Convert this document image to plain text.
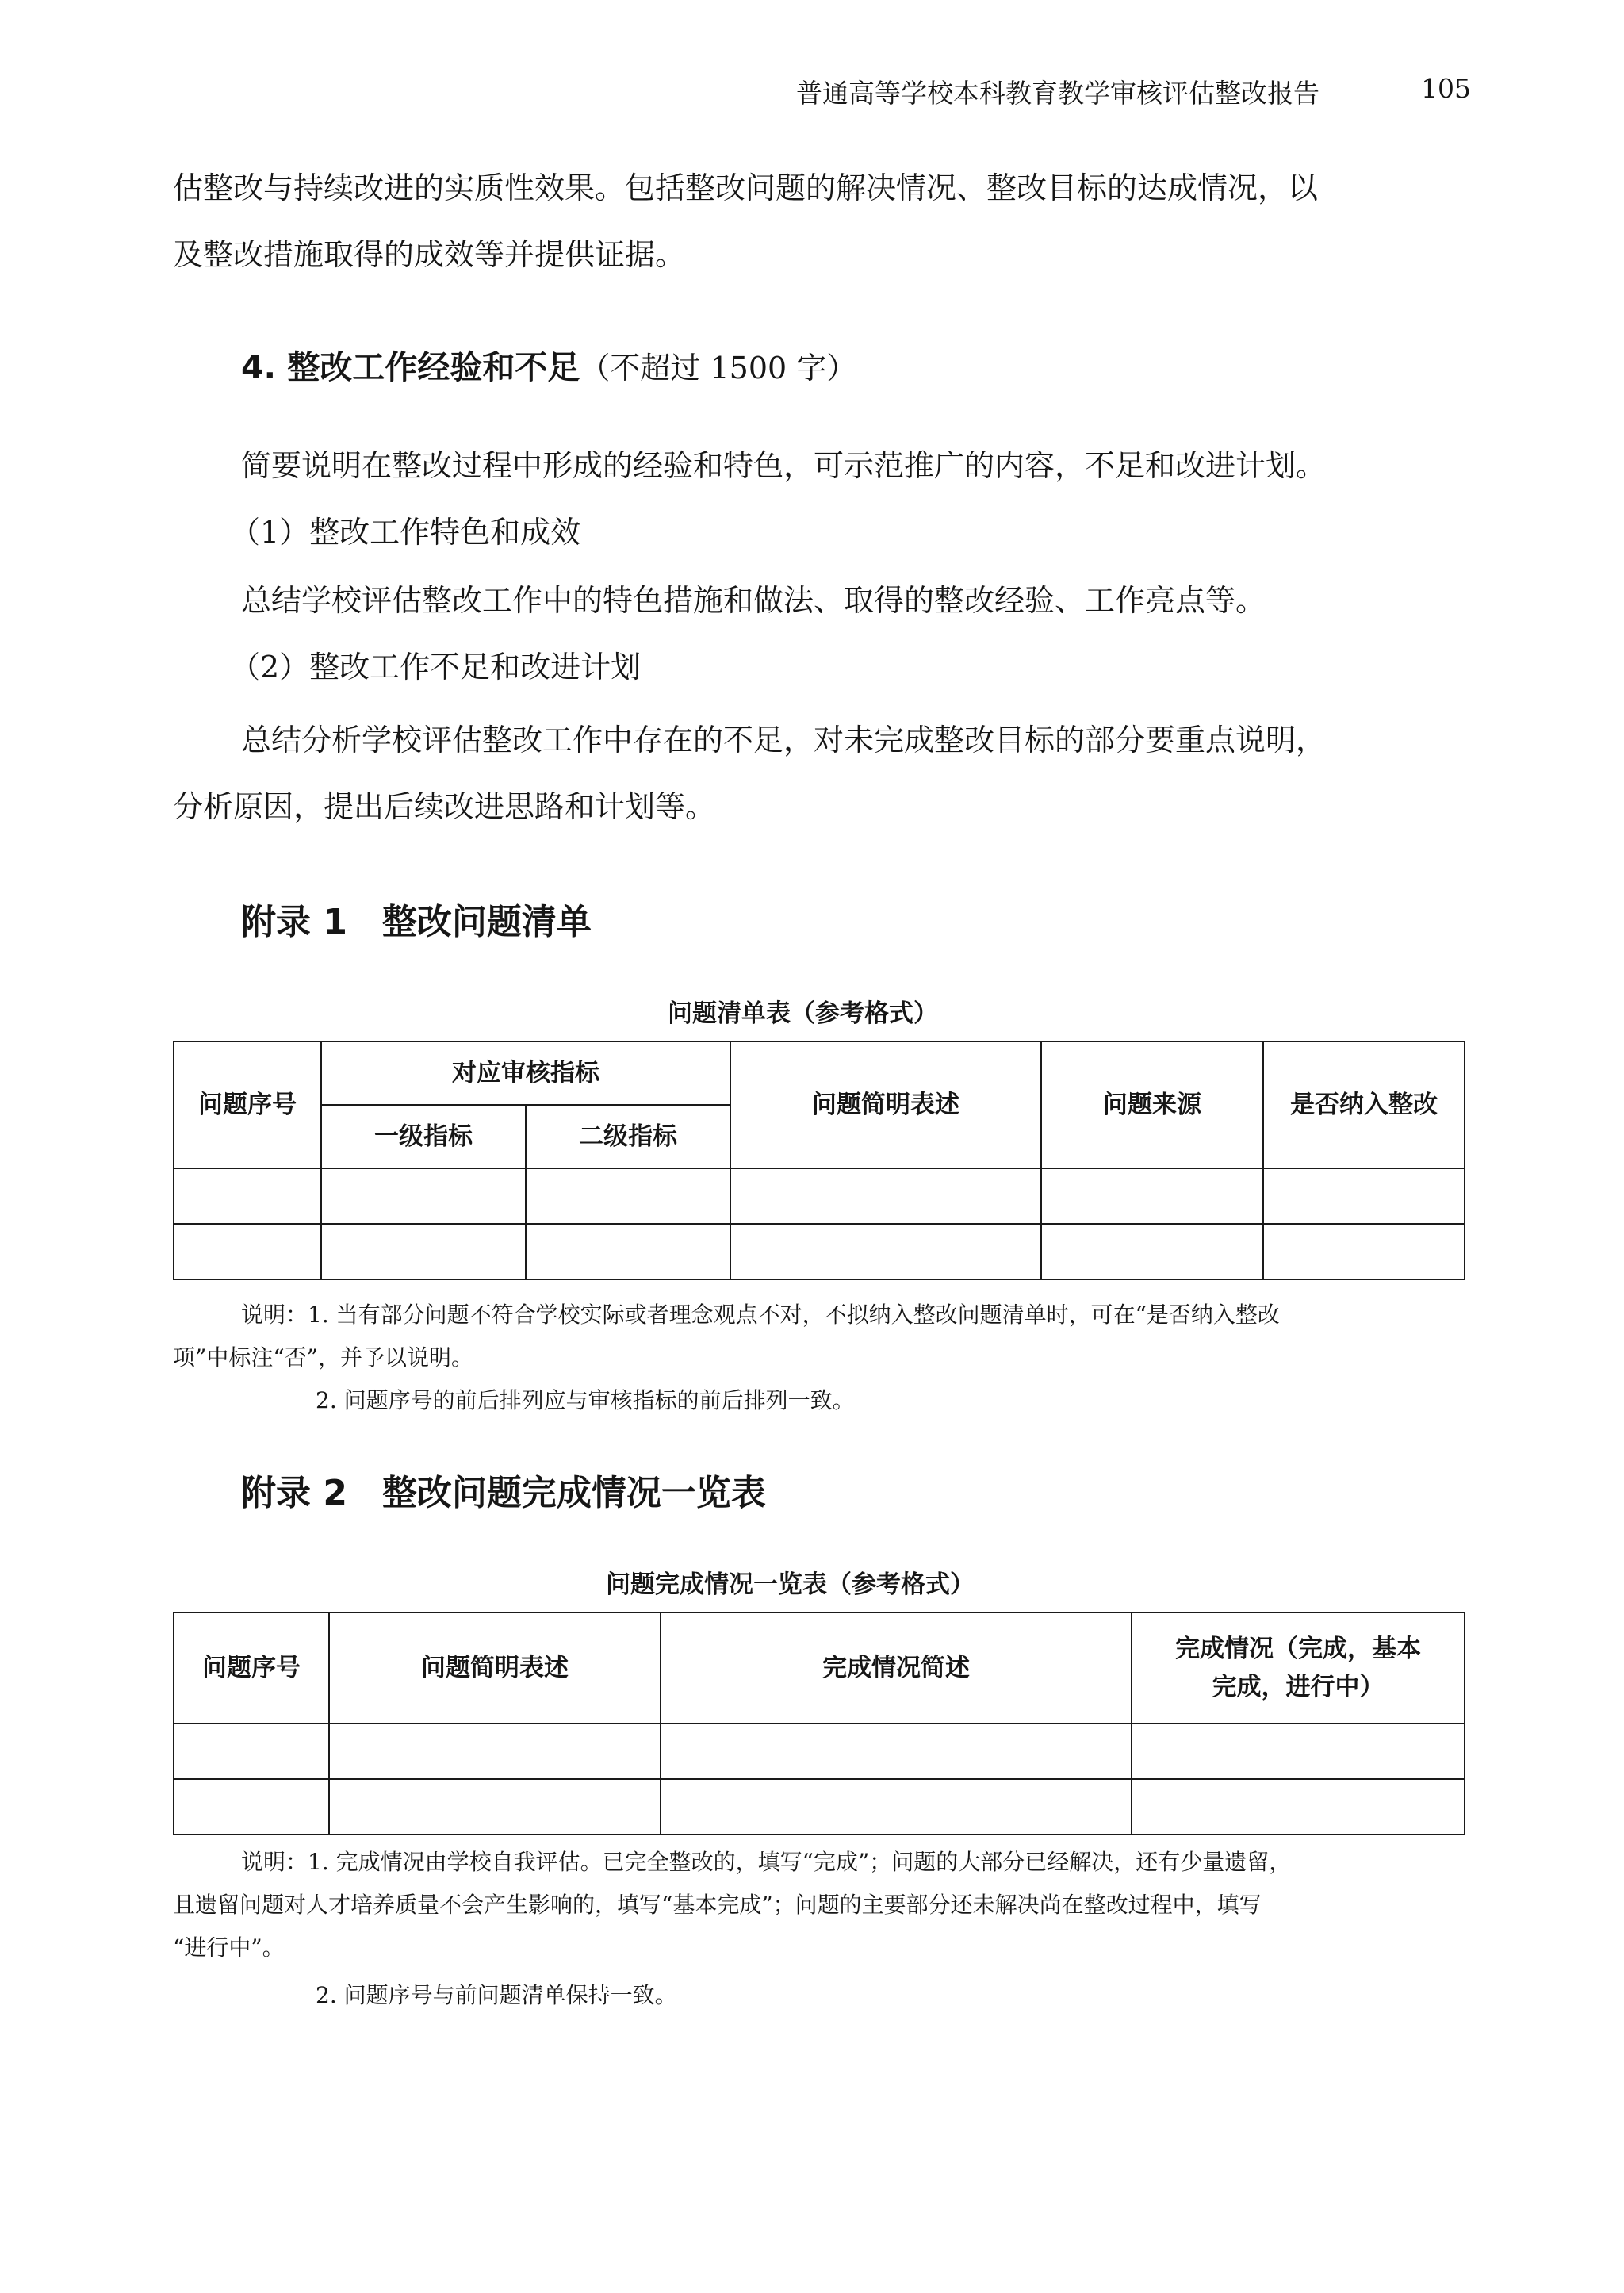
普通高等学校本科教育教学审核评估整改报告	105
估整改与持续改进的实质性效果。包括整改问题的解决情况、整改目标的达成情况，以
及整改措施取得的成效等并提供证据。
4. 整改工作经验和不足（不超过 1500 字）
简要说明在整改过程中形成的经验和特色，可示范推广的内容，不足和改进计划。
（1）整改工作特色和成效
总结学校评估整改工作中的特色措施和做法、取得的整改经验、工作亮点等。
（2）整改工作不足和改进计划
总结分析学校评估整改工作中存在的不足，对未完成整改目标的部分要重点说明，
分析原因，提出后续改进思路和计划等。
附录 1　整改问题清单
问题清单表（参考格式）
问题序号	对应审核指标		问题简明表述	问题来源	是否纳入整改
	一级指标	二级指标			

说明：1. 当有部分问题不符合学校实际或者理念观点不对，不拟纳入整改问题清单时，可在“是否纳入整改
项”中标注“否”，并予以说明。
2. 问题序号的前后排列应与审核指标的前后排列一致。
附录 2　整改问题完成情况一览表
问题完成情况一览表（参考格式）
问题序号	问题简明表述	完成情况简述	完成情况（完成，基本
完成，进行中）

说明：1. 完成情况由学校自我评估。已完全整改的，填写“完成”；问题的大部分已经解决，还有少量遗留，
且遗留问题对人才培养质量不会产生影响的，填写“基本完成”；问题的主要部分还未解决尚在整改过程中，填写
“进行中”。
2. 问题序号与前问题清单保持一致。
